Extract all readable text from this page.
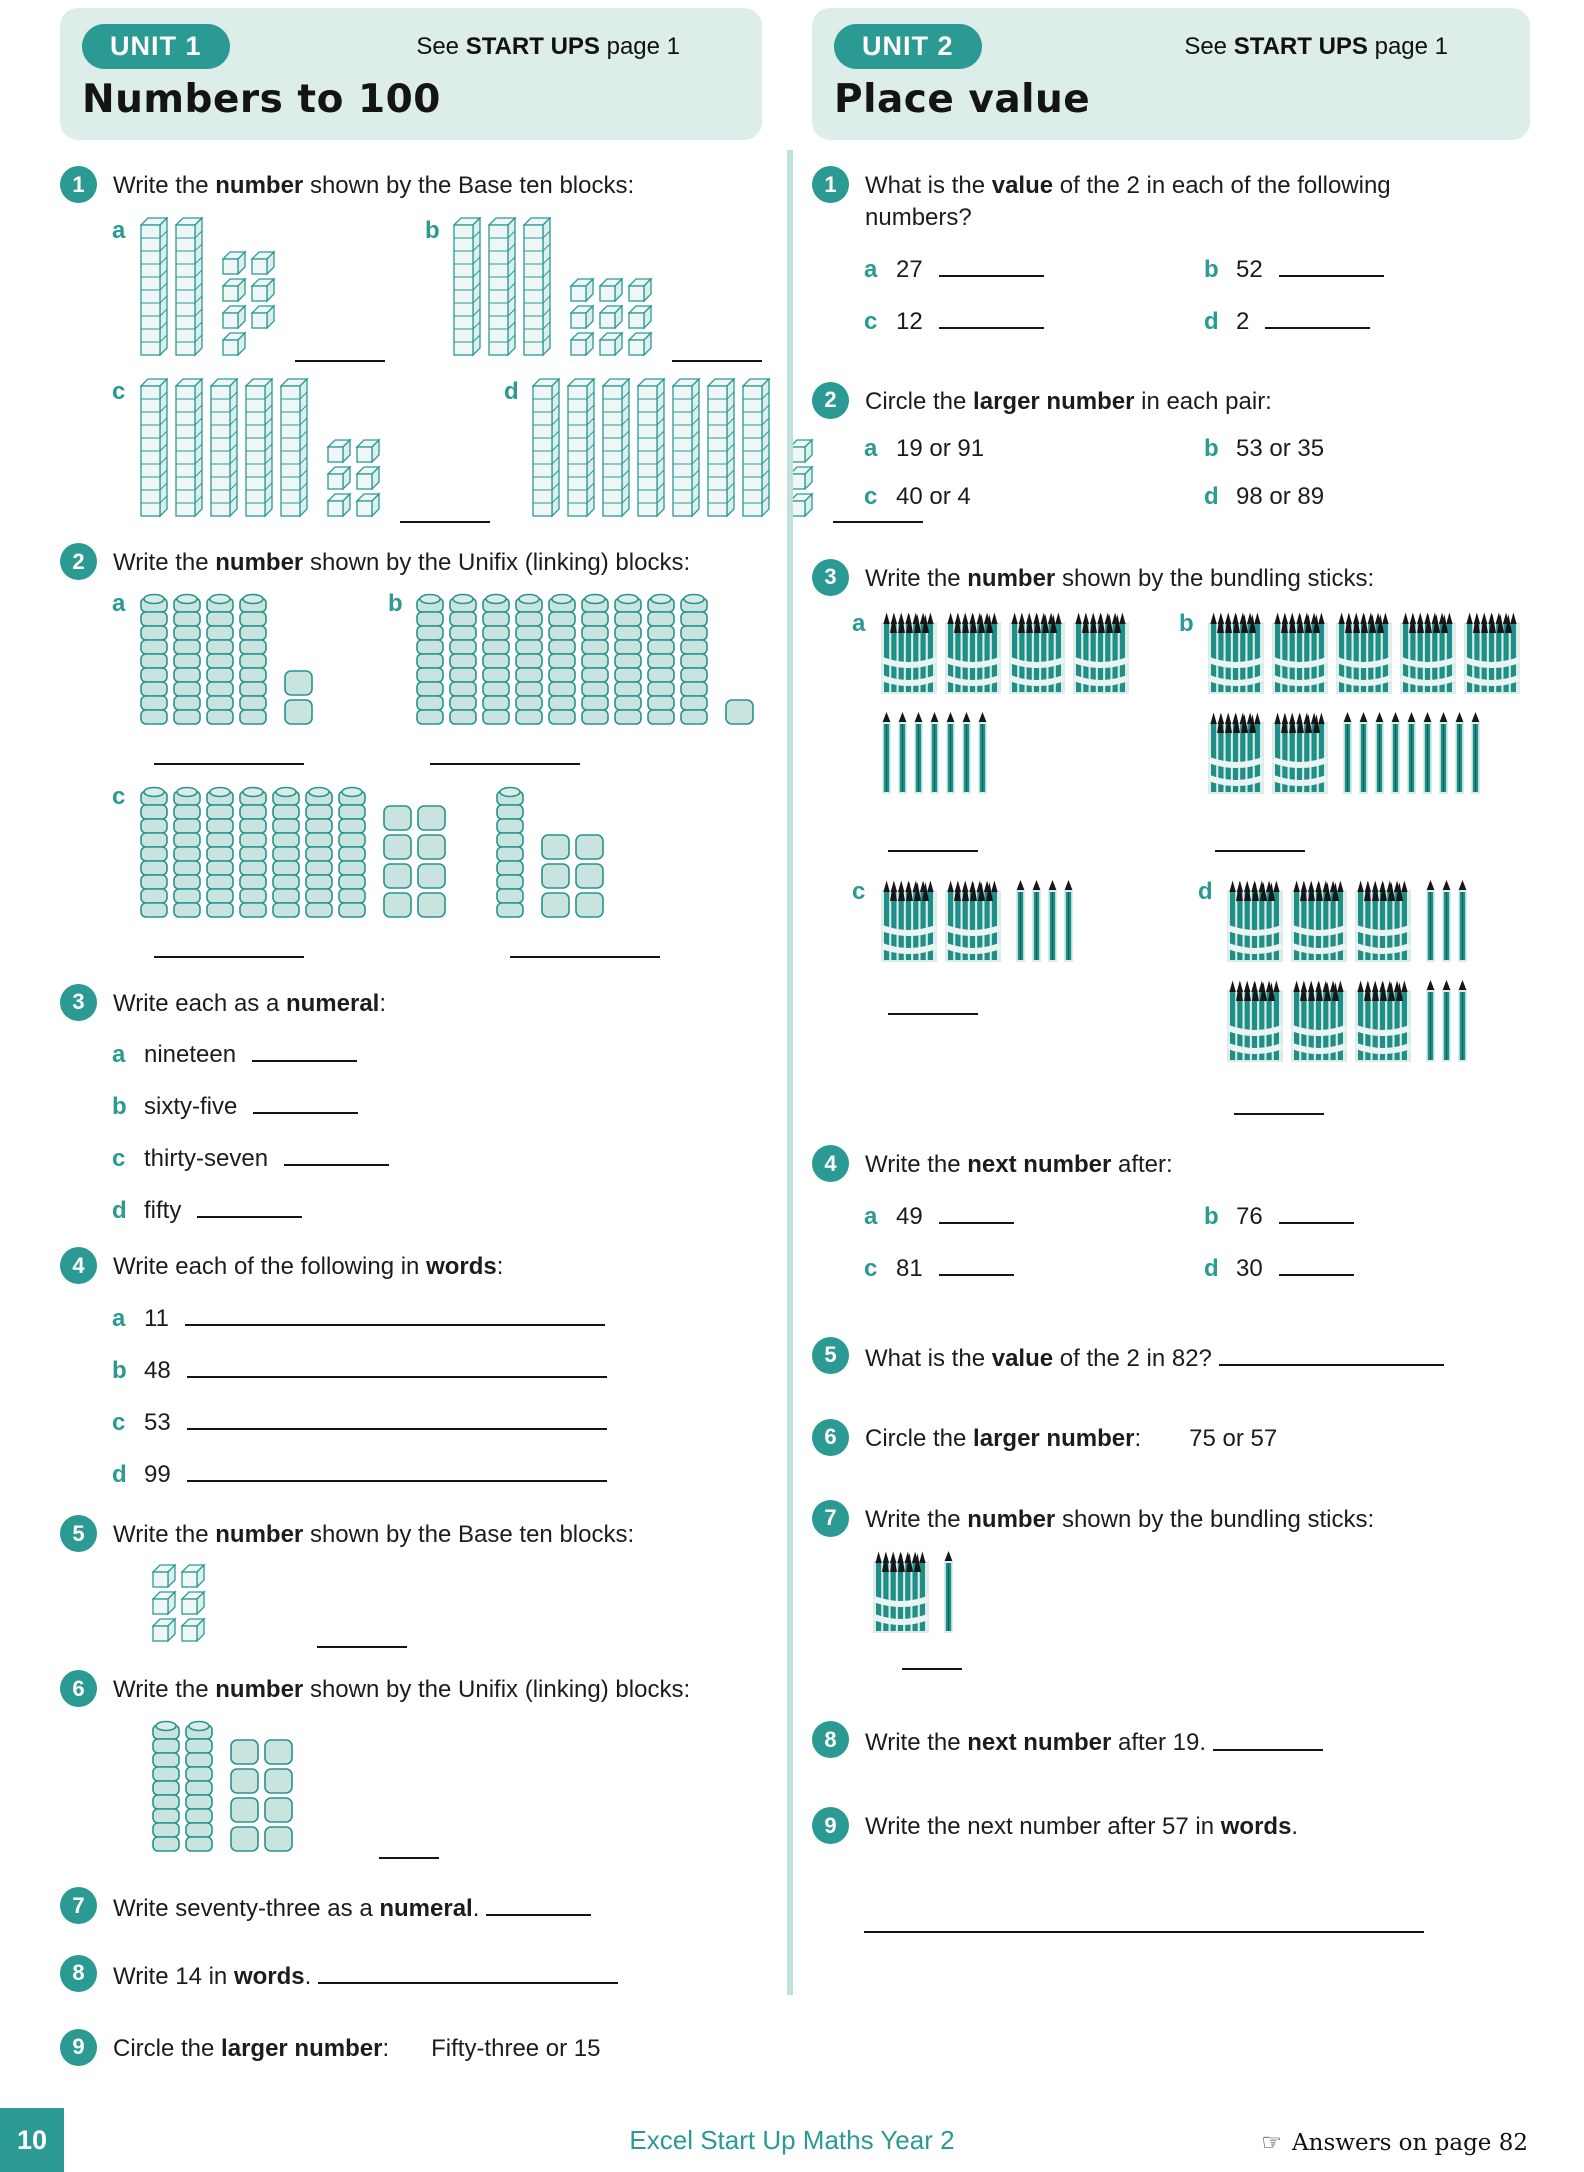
UNIT 1	See START UPS page 1
Numbers to 100
1	Write the number shown by the Base ten blocks:
a	b
c	d
2	Write the number shown by the Unifix (linking) blocks:
a	b
c
3	Write each as a numeral:
a nineteen
b sixty-five
c thirty-seven
d fifty
4	Write each of the following in words:
a 11
b 48
c 53
d 99
5	Write the number shown by the Base ten blocks:
6	Write the number shown by the Unifix (linking) blocks:
7	Write seventy-three as a numeral.
8	Write 14 in words.
9	Circle the larger number: Fifty-three or 15
UNIT 2	See START UPS page 1
Place value
1	What is the value of the 2 in each of the following numbers?
a 27	b 52
c 12	d 2
2	Circle the larger number in each pair:
a 19 or 91	b 53 or 35
c 40 or 4	d 98 or 89
3	Write the number shown by the bundling sticks:
a	b
c	d
4	Write the next number after:
a 49	b 76
c 81	d 30
5	What is the value of the 2 in 82?
6	Circle the larger number: 75 or 57
7	Write the number shown by the bundling sticks:
8	Write the next number after 19.
9	Write the next number after 57 in words.
10	Excel Start Up Maths Year 2	☞ Answers on page 82
